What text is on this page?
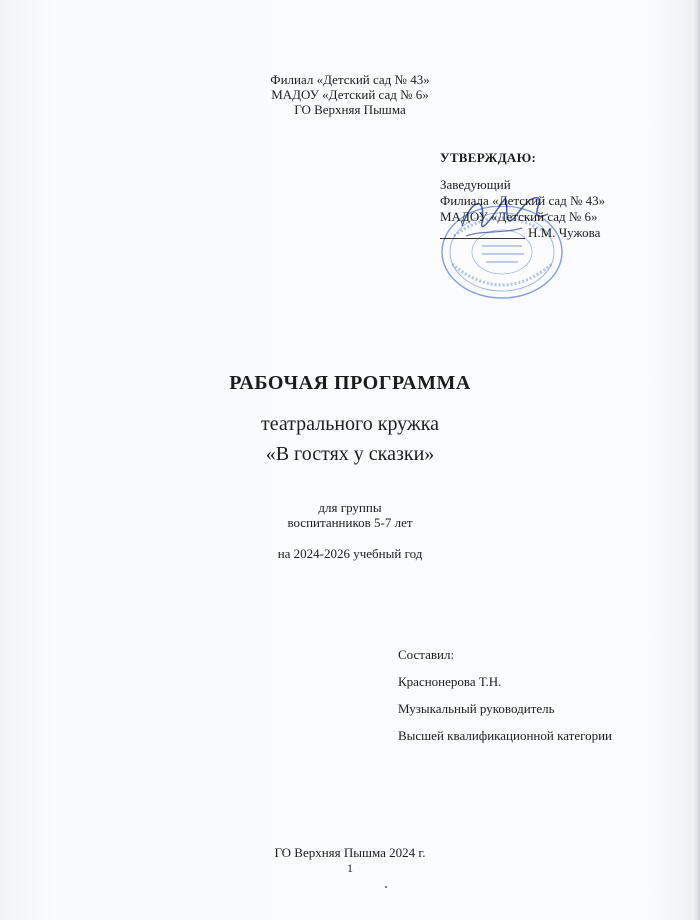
Филиал «Детский сад № 43»
МАДОУ «Детский сад № 6»
ГО Верхняя Пышма
УТВЕРЖДАЮ:
Заведующий
Филиала «Детский сад № 43»
МАДОУ «Детский сад № 6»
Н.М. Чужова
РАБОЧАЯ ПРОГРАММА
театрального кружка
«В гостях у сказки»
для группы
воспитанников 5-7 лет
на 2024-2026 учебный год
Составил:
Краснонерова Т.Н.
Музыкальный руководитель
Высшей квалификационной категории
ГО Верхняя Пышма 2024 г.
1
